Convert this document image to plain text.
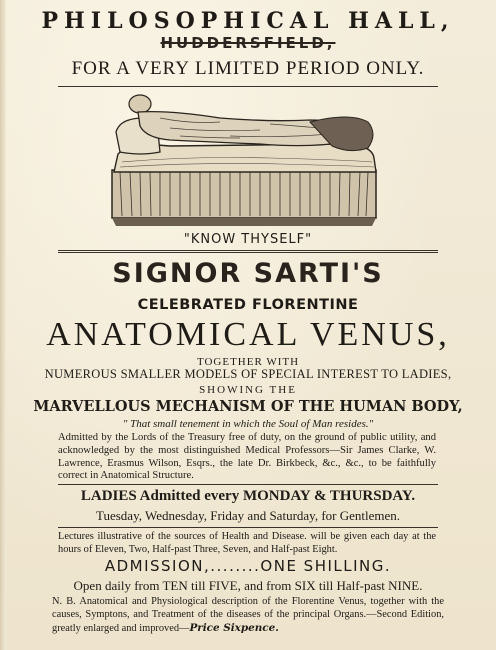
PHILOSOPHICAL HALL,
HUDDERSFIELD,
FOR A VERY LIMITED PERIOD ONLY.
"KNOW THYSELF"
SIGNOR SARTI'S
CELEBRATED FLORENTINE
ANATOMICAL VENUS,
TOGETHER WITH
NUMEROUS SMALLER MODELS OF SPECIAL INTEREST TO LADIES,
SHOWING THE
MARVELLOUS MECHANISM OF THE HUMAN BODY,
" That small tenement in which the Soul of Man resides."
Admitted by the Lords of the Treasury free of duty, on the ground of public utility, and acknowledged by the most distinguished Medical Professors—Sir James Clarke, W. Lawrence, Erasmus Wilson, Esqrs., the late Dr. Birkbeck, &c., &c., to be faithfully correct in Anatomical Structure.
LADIES Admitted every MONDAY & THURSDAY.
Tuesday, Wednesday, Friday and Saturday, for Gentlemen.
Lectures illustrative of the sources of Health and Disease. will be given each day at the hours of Eleven, Two, Half-past Three, Seven, and Half-past Eight.
ADMISSION,........ONE SHILLING.
Open daily from TEN till FIVE, and from SIX till Half-past NINE.
N. B. Anatomical and Physiological description of the Florentine Venus, together with the causes, Symptons, and Treatment of the diseases of the principal Organs.—Second Edition, greatly enlarged and improved—Price Sixpence.
